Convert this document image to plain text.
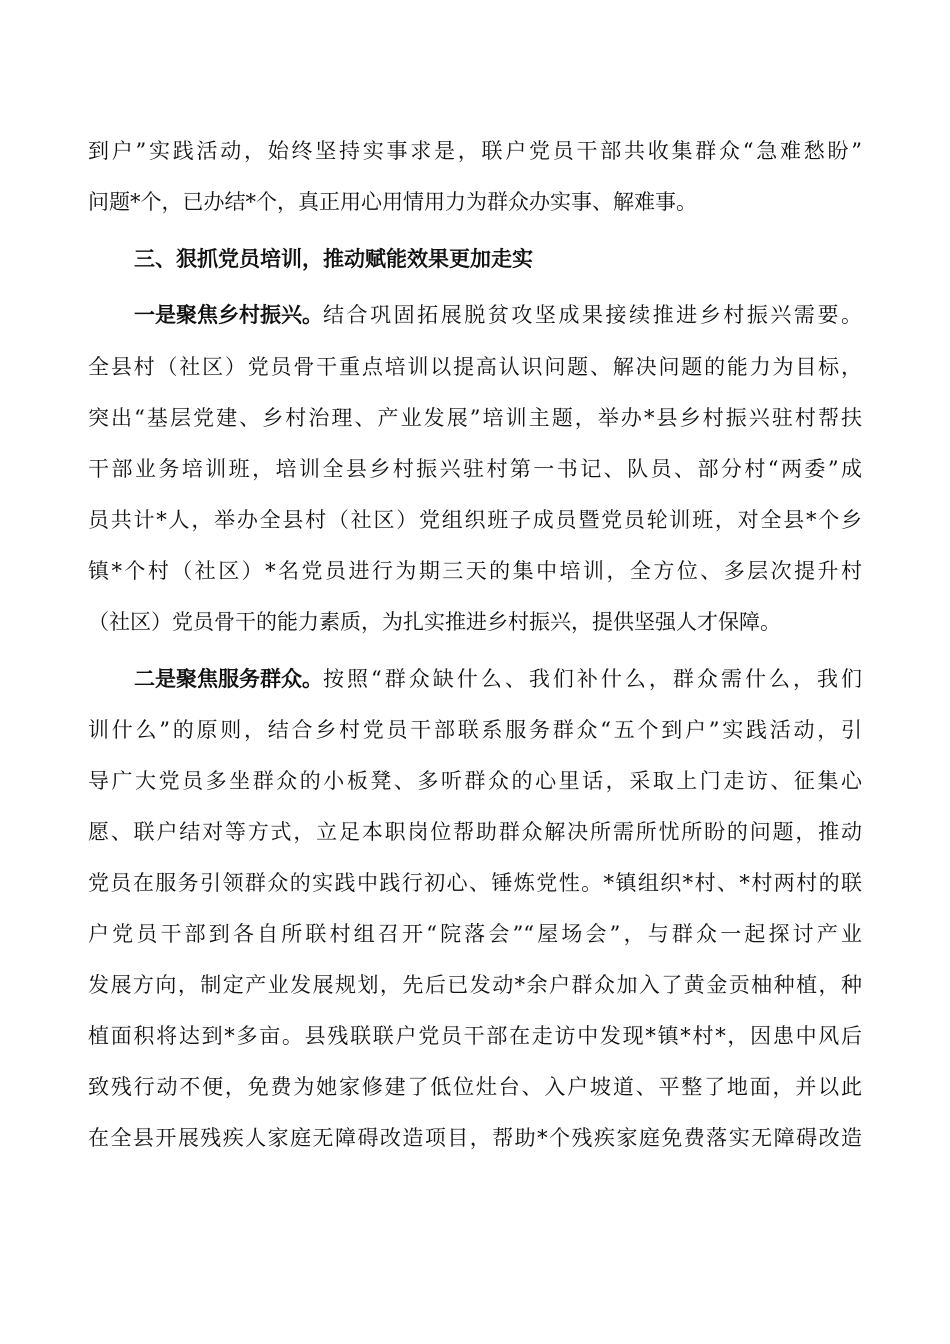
到户”实践活动，始终坚持实事求是，联户党员干部共收集群众“急难愁盼”
问题*个，已办结*个，真正用心用情用力为群众办实事、解难事。
三、狠抓党员培训，推动赋能效果更加走实
一是聚焦乡村振兴。 结合巩固拓展脱贫攻坚成果接续推进乡村振兴需要。
全县村（社区）党员骨干重点培训以提高认识问题、解决问题的能力为目标，
突出“基层党建、乡村治理、产业发展”培训主题，举办*县乡村振兴驻村帮扶
干部业务培训班，培训全县乡村振兴驻村第一书记、队员、部分村“两委”成
员共计*人，举办全县村（社区）党组织班子成员暨党员轮训班，对全县*个乡
镇*个村（社区）*名党员进行为期三天的集中培训，全方位、多层次提升村
（社区）党员骨干的能力素质，为扎实推进乡村振兴，提供坚强人才保障。
二是聚焦服务群众。 按照“群众缺什么、我们补什么，群众需什么，我们
训什么”的原则，结合乡村党员干部联系服务群众“五个到户”实践活动，引
导广大党员多坐群众的小板凳、多听群众的心里话，采取上门走访、征集心
愿、联户结对等方式，立足本职岗位帮助群众解决所需所忧所盼的问题，推动
党员在服务引领群众的实践中践行初心、锤炼党性。*镇组织*村、*村两村的联
户党员干部到各自所联村组召开“院落会”“屋场会”，与群众一起探讨产业
发展方向，制定产业发展规划，先后已发动*余户群众加入了黄金贡柚种植，种
植面积将达到*多亩。县残联联户党员干部在走访中发现*镇*村*，因患中风后
致残行动不便，免费为她家修建了低位灶台、入户坡道、平整了地面，并以此
在全县开展残疾人家庭无障碍改造项目，帮助*个残疾家庭免费落实无障碍改造
